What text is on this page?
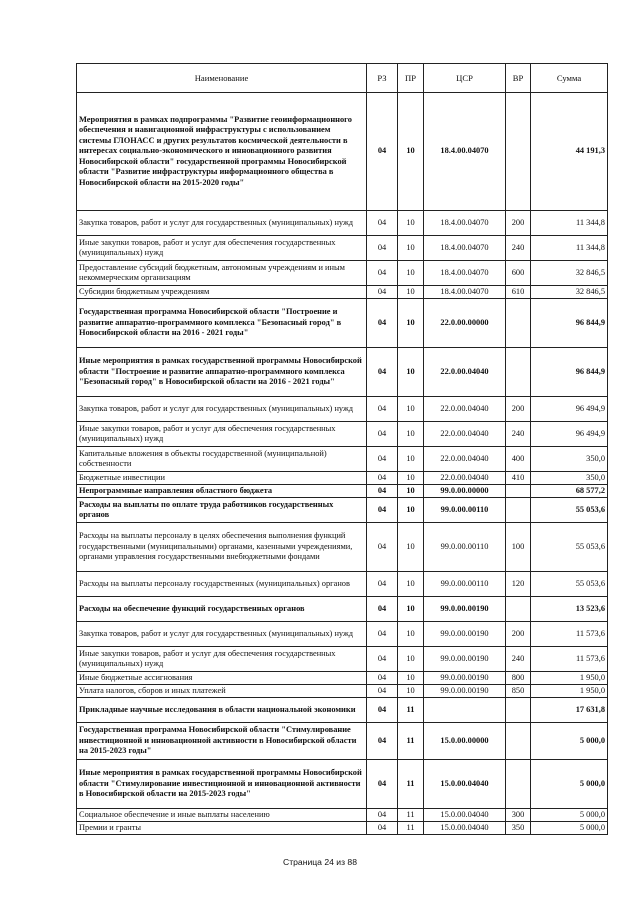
Наименование	РЗ	ПР	ЦСР	ВР	Сумма
Мероприятия в рамках подпрограммы "Развитие геоинформационного обеспечения и навигационной инфраструктуры с использованием системы ГЛОНАСС и других результатов космической деятельности в интересах социально-экономического и инновационного развития Новосибирской области" государственной программы Новосибирской области "Развитие инфраструктуры информационного общества в Новосибирской области на 2015-2020 годы"	04	10	18.4.00.04070		44 191,3
Закупка товаров, работ и услуг для государственных (муниципальных) нужд	04	10	18.4.00.04070	200	11 344,8
Иные закупки товаров, работ и услуг для обеспечения государственных (муниципальных) нужд	04	10	18.4.00.04070	240	11 344,8
Предоставление субсидий бюджетным, автономным учреждениям и иным некоммерческим организациям	04	10	18.4.00.04070	600	32 846,5
Субсидии бюджетным учреждениям	04	10	18.4.00.04070	610	32 846,5
Государственная программа Новосибирской области "Построение и развитие аппаратно-программного комплекса "Безопасный город" в Новосибирской области на 2016 - 2021 годы"	04	10	22.0.00.00000		96 844,9
Иные мероприятия в рамках государственной программы Новосибирской области "Построение и развитие аппаратно-программного комплекса "Безопасный город" в Новосибирской области на 2016 - 2021 годы"	04	10	22.0.00.04040		96 844,9
Закупка товаров, работ и услуг для государственных (муниципальных) нужд	04	10	22.0.00.04040	200	96 494,9
Иные закупки товаров, работ и услуг для обеспечения государственных (муниципальных) нужд	04	10	22.0.00.04040	240	96 494,9
Капитальные вложения в объекты государственной (муниципальной) собственности	04	10	22.0.00.04040	400	350,0
Бюджетные инвестиции	04	10	22.0.00.04040	410	350,0
Непрограммные направления областного бюджета	04	10	99.0.00.00000		68 577,2
Расходы на выплаты по оплате труда работников государственных органов	04	10	99.0.00.00110		55 053,6
Расходы на выплаты персоналу в целях обеспечения выполнения функций государственными (муниципальными) органами, казенными учреждениями, органами управления государственными внебюджетными фондами	04	10	99.0.00.00110	100	55 053,6
Расходы на выплаты персоналу государственных (муниципальных) органов	04	10	99.0.00.00110	120	55 053,6
Расходы на обеспечение функций государственных органов	04	10	99.0.00.00190		13 523,6
Закупка товаров, работ и услуг для государственных (муниципальных) нужд	04	10	99.0.00.00190	200	11 573,6
Иные закупки товаров, работ и услуг для обеспечения государственных (муниципальных) нужд	04	10	99.0.00.00190	240	11 573,6
Иные бюджетные ассигнования	04	10	99.0.00.00190	800	1 950,0
Уплата налогов, сборов и иных платежей	04	10	99.0.00.00190	850	1 950,0
Прикладные научные исследования в области национальной экономики	04	11			17 631,8
Государственная программа Новосибирской области "Стимулирование инвестиционной и инновационной активности в Новосибирской области на 2015-2023 годы"	04	11	15.0.00.00000		5 000,0
Иные мероприятия в рамках государственной программы Новосибирской области "Стимулирование инвестиционной и инновационной активности в Новосибирской области на 2015-2023 годы"	04	11	15.0.00.04040		5 000,0
Социальное обеспечение и иные выплаты населению	04	11	15.0.00.04040	300	5 000,0
Премии и гранты	04	11	15.0.00.04040	350	5 000,0
Страница 24 из 88
